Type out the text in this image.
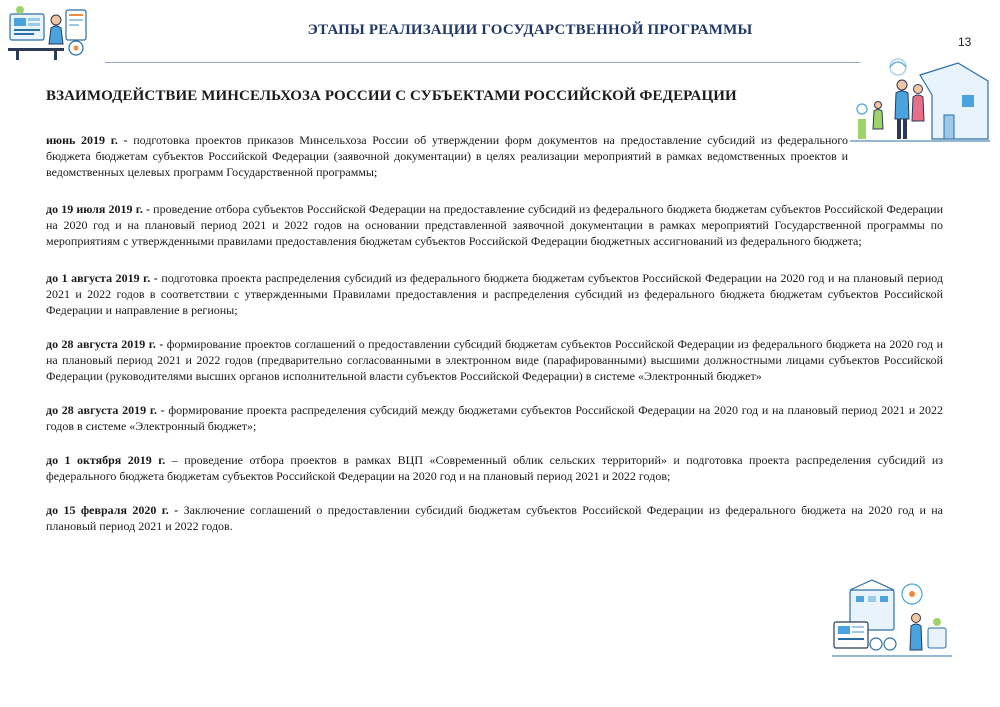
ЭТАПЫ РЕАЛИЗАЦИИ ГОСУДАРСТВЕННОЙ ПРОГРАММЫ
13
ВЗАИМОДЕЙСТВИЕ МИНСЕЛЬХОЗА РОССИИ С СУБЪЕКТАМИ РОССИЙСКОЙ ФЕДЕРАЦИИ

июнь 2019 г. - подготовка проектов приказов Минсельхоза России об утверждении форм документов на предоставление субсидий из федерального бюджета бюджетам субъектов Российской Федерации (заявочной документации) в целях реализации мероприятий в рамках ведомственных проектов и ведомственных целевых программ Государственной программы;

до 19 июля 2019 г. - проведение отбора субъектов Российской Федерации на предоставление субсидий из федерального бюджета бюджетам субъектов Российской Федерации на 2020 год и на плановый период 2021 и 2022 годов на основании представленной заявочной документации в рамках мероприятий Государственной программы по мероприятиям с утвержденными правилами предоставления бюджетам субъектов Российской Федерации бюджетных ассигнований из федерального бюджета;

до 1 августа 2019 г. - подготовка проекта распределения субсидий из федерального бюджета бюджетам субъектов Российской Федерации на 2020 год и на плановый период 2021 и 2022 годов в соответствии с утвержденными Правилами предоставления и распределения субсидий из федерального бюджета бюджетам субъектов Российской Федерации и направление в регионы;

до 28 августа 2019 г. - формирование проектов соглашений о предоставлении субсидий бюджетам субъектов Российской Федерации из федерального бюджета на 2020 год и на плановый период 2021 и 2022 годов (предварительно согласованными в электронном виде (парафированными) высшими должностными лицами субъектов Российской Федерации (руководителями высших органов исполнительной власти субъектов Российской Федерации) в системе «Электронный бюджет»

до 28 августа 2019 г. - формирование проекта распределения субсидий между бюджетами субъектов Российской Федерации на 2020 год и на плановый период 2021 и 2022 годов в системе «Электронный бюджет»;

до 1 октября 2019 г. – проведение отбора проектов в рамках ВЦП «Современный облик сельских территорий» и подготовка проекта распределения субсидий из федерального бюджета бюджетам субъектов Российской Федерации на 2020 год и на плановый период 2021 и 2022 годов;

до 15 февраля 2020 г. - Заключение соглашений о предоставлении субсидий бюджетам субъектов Российской Федерации из федерального бюджета на 2020 год и на плановый период 2021 и 2022 годов.
